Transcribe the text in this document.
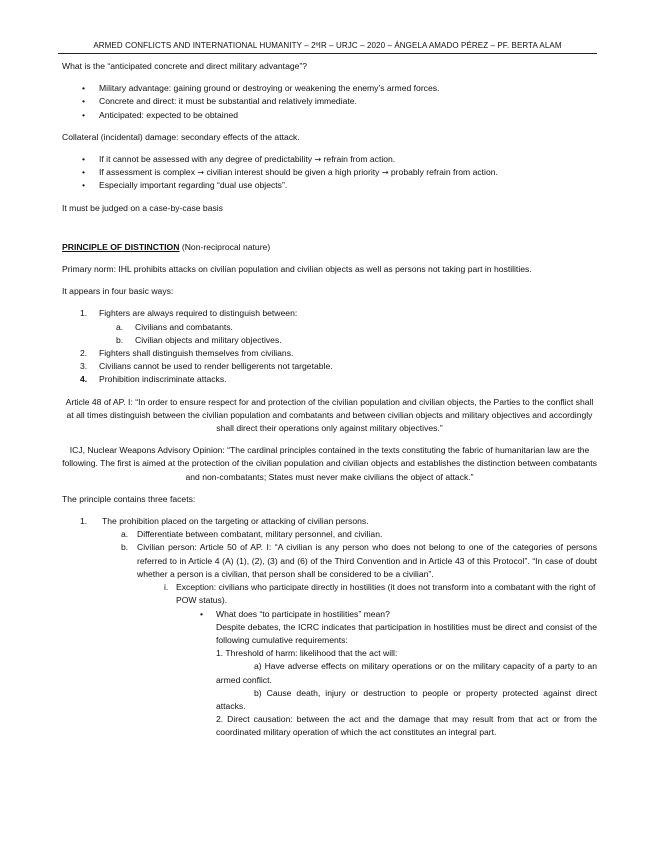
ARMED CONFLICTS AND INTERNATIONAL HUMANITY – 2ºIR – URJC – 2020 – ÁNGELA AMADO PÉREZ – PF. BERTA ALAM

What is the “anticipated concrete and direct military advantage”?

• Military advantage: gaining ground or destroying or weakening the enemy’s armed forces.
• Concrete and direct: it must be substantial and relatively immediate.
• Anticipated: expected to be obtained

Collateral (incidental) damage: secondary effects of the attack.

• If it cannot be assessed with any degree of predictability → refrain from action.
• If assessment is complex → civilian interest should be given a high priority → probably refrain from action.
• Especially important regarding “dual use objects”.

It must be judged on a case-by-case basis

PRINCIPLE OF DISTINCTION (Non-reciprocal nature)

Primary norm: IHL prohibits attacks on civilian population and civilian objects as well as persons not taking part in hostilities.

It appears in four basic ways:

1. Fighters are always required to distinguish between:
a. Civilians and combatants.
b. Civilian objects and military objectives.
2. Fighters shall distinguish themselves from civilians.
3. Civilians cannot be used to render belligerents not targetable.
4. Prohibition indiscriminate attacks.

Article 48 of AP. I: “In order to ensure respect for and protection of the civilian population and civilian objects, the Parties to the conflict shall at all times distinguish between the civilian population and combatants and between civilian objects and military objectives and accordingly shall direct their operations only against military objectives.”

ICJ, Nuclear Weapons Advisory Opinion: “The cardinal principles contained in the texts constituting the fabric of humanitarian law are the following. The first is aimed at the protection of the civilian population and civilian objects and establishes the distinction between combatants and non-combatants; States must never make civilians the object of attack.”

The principle contains three facets:

1. The prohibition placed on the targeting or attacking of civilian persons.
a. Differentiate between combatant, military personnel, and civilian.
b. Civilian person: Article 50 of AP. I: “A civilian is any person who does not belong to one of the categories of persons referred to in Article 4 (A) (1), (2), (3) and (6) of the Third Convention and in Article 43 of this Protocol”. “In case of doubt whether a person is a civilian, that person shall be considered to be a civilian”.
i. Exception: civilians who participate directly in hostilities (it does not transform into a combatant with the right of POW status).
• What does “to participate in hostilities” mean?
Despite debates, the ICRC indicates that participation in hostilities must be direct and consist of the following cumulative requirements:
1. Threshold of harm: likelihood that the act will:
a) Have adverse effects on military operations or on the military capacity of a party to an armed conflict.
b) Cause death, injury or destruction to people or property protected against direct attacks.
2. Direct causation: between the act and the damage that may result from that act or from the coordinated military operation of which the act constitutes an integral part.
